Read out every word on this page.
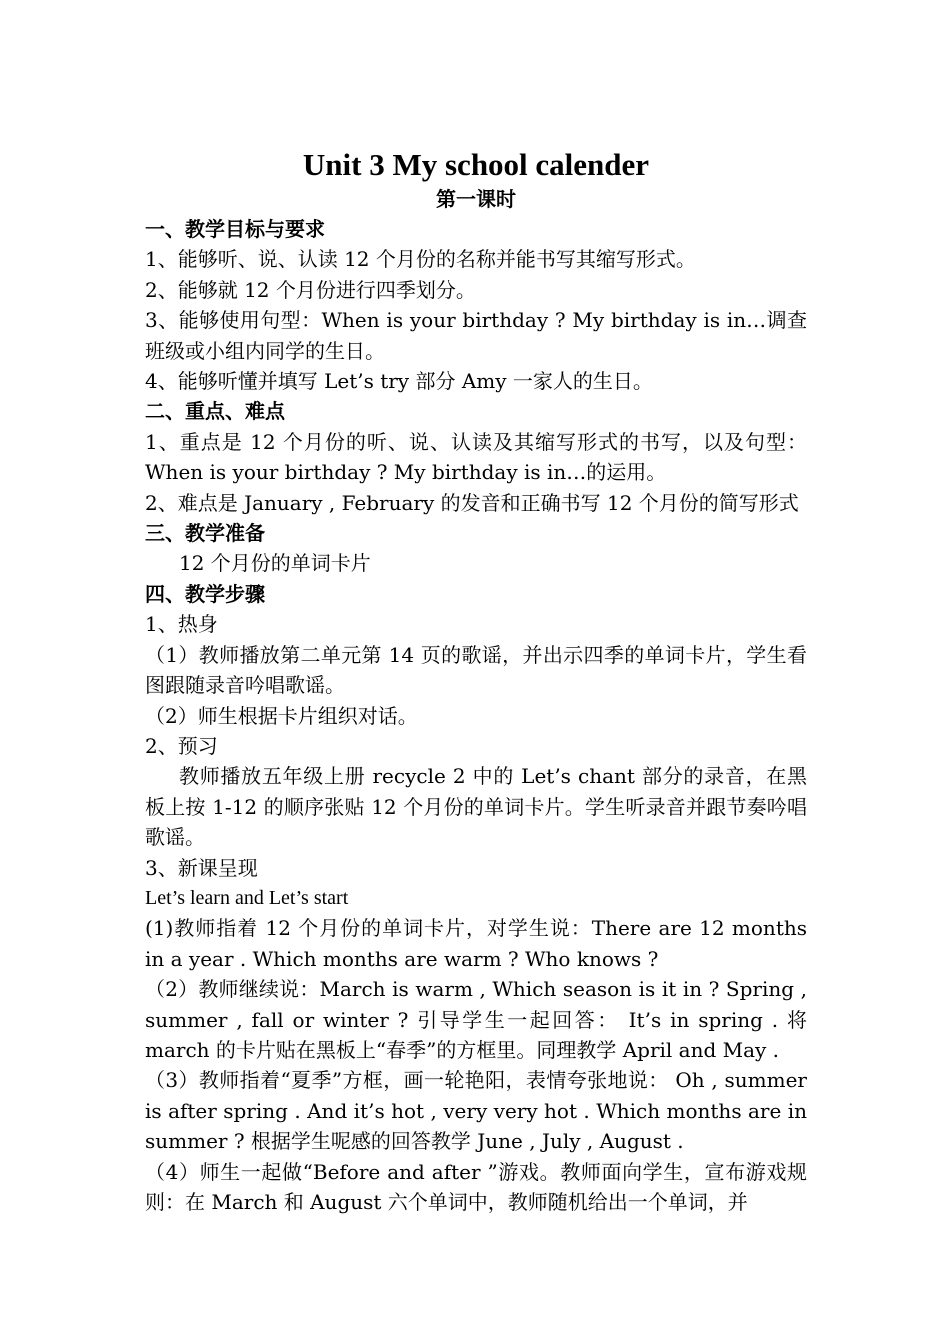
Unit 3 My school calender
第一课时
一、教学目标与要求
1、能够听、说、认读 12 个月份的名称并能书写其缩写形式。
2、能够就 12 个月份进行四季划分。
3、能够使用句型：When is your birthday ? My birthday is in…调查班级或小组内同学的生日。
4、能够听懂并填写 Let’s try 部分 Amy 一家人的生日。
二、重点、难点
1、重点是 12 个月份的听、说、认读及其缩写形式的书写，以及句型：When is your birthday ? My birthday is in…的运用。
2、难点是 January , February 的发音和正确书写 12 个月份的简写形式
三、教学准备
12 个月份的单词卡片
四、教学步骤
1、热身
（1）教师播放第二单元第 14 页的歌谣，并出示四季的单词卡片，学生看图跟随录音吟唱歌谣。
（2）师生根据卡片组织对话。
2、预习
教师播放五年级上册 recycle 2 中的 Let’s chant 部分的录音，在黑板上按 1-12 的顺序张贴 12 个月份的单词卡片。学生听录音并跟节奏吟唱歌谣。
3、新课呈现
Let’s learn and Let’s start
(1)教师指着 12 个月份的单词卡片，对学生说：There are 12 months in a year . Which months are warm ? Who knows ?
（2）教师继续说：March is warm , Which season is it in ? Spring , summer , fall or winter ? 引导学生一起回答： It’s in spring . 将 march 的卡片贴在黑板上“春季”的方框里。同理教学 April and May .
（3）教师指着“夏季”方框，画一轮艳阳，表情夸张地说： Oh , summer is after spring . And it’s hot , very very hot . Which months are in summer ? 根据学生呢感的回答教学 June , July , August .
（4）师生一起做“Before and after ”游戏。教师面向学生，宣布游戏规则：在 March 和 August 六个单词中，教师随机给出一个单词，并
